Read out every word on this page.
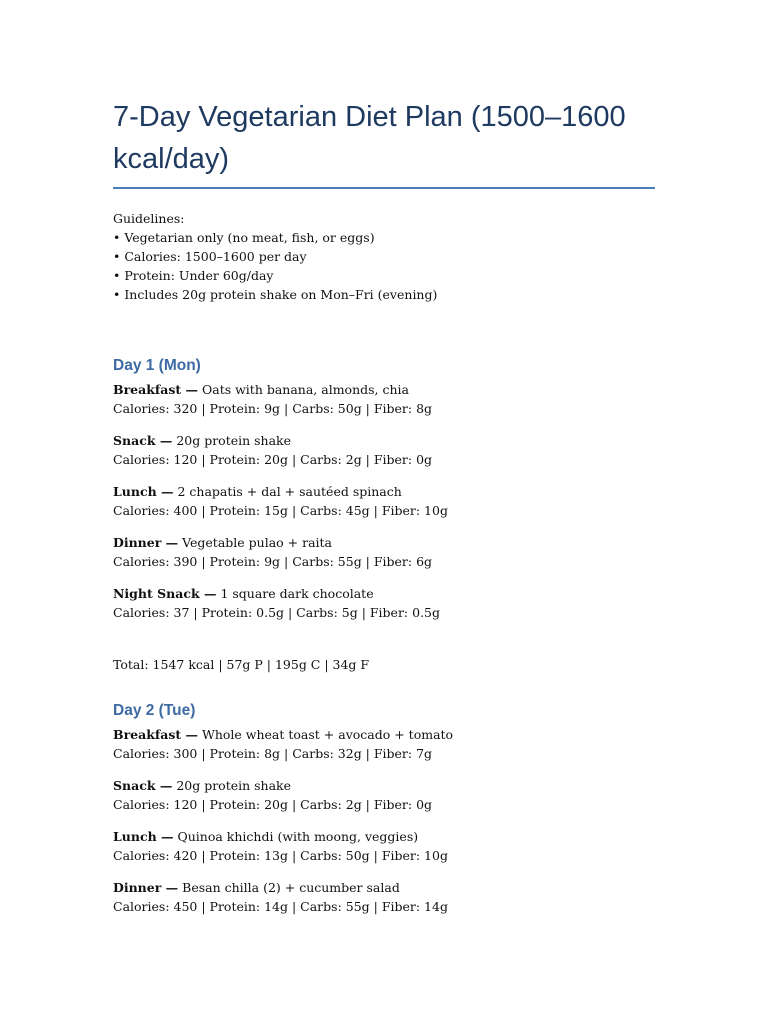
7-Day Vegetarian Diet Plan (1500–1600 kcal/day)
Guidelines:
• Vegetarian only (no meat, fish, or eggs)
• Calories: 1500–1600 per day
• Protein: Under 60g/day
• Includes 20g protein shake on Mon–Fri (evening)
Day 1 (Mon)
Breakfast — Oats with banana, almonds, chia
Calories: 320 | Protein: 9g | Carbs: 50g | Fiber: 8g
Snack — 20g protein shake
Calories: 120 | Protein: 20g | Carbs: 2g | Fiber: 0g
Lunch — 2 chapatis + dal + sautéed spinach
Calories: 400 | Protein: 15g | Carbs: 45g | Fiber: 10g
Dinner — Vegetable pulao + raita
Calories: 390 | Protein: 9g | Carbs: 55g | Fiber: 6g
Night Snack — 1 square dark chocolate
Calories: 37 | Protein: 0.5g | Carbs: 5g | Fiber: 0.5g
Total: 1547 kcal | 57g P | 195g C | 34g F
Day 2 (Tue)
Breakfast — Whole wheat toast + avocado + tomato
Calories: 300 | Protein: 8g | Carbs: 32g | Fiber: 7g
Snack — 20g protein shake
Calories: 120 | Protein: 20g | Carbs: 2g | Fiber: 0g
Lunch — Quinoa khichdi (with moong, veggies)
Calories: 420 | Protein: 13g | Carbs: 50g | Fiber: 10g
Dinner — Besan chilla (2) + cucumber salad
Calories: 450 | Protein: 14g | Carbs: 55g | Fiber: 14g
